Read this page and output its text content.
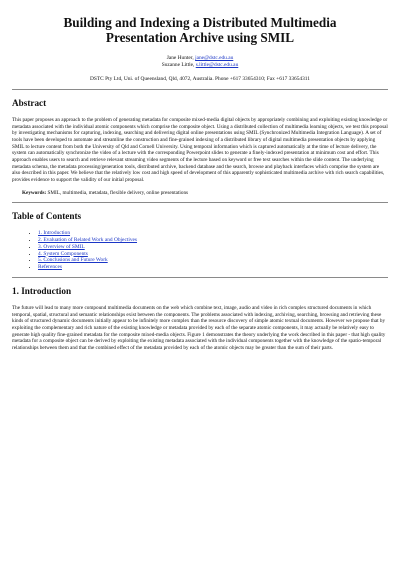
Building and Indexing a Distributed Multimedia Presentation Archive using SMIL
Jane Hunter, jane@dstc.edu.au
Suzanne Little, s.little@dstc.edu.au
DSTC Pty Ltd, Uni. of Queensland, Qld, 4072, Australia. Phone +617 33654310; Fax +617 33654311
Abstract

This paper proposes an approach to the problem of generating metadata for composite mixed-media digital objects by appropriately combining and exploiting existing knowledge or metadata associated with the individual atomic components which comprise the composite object. Using a distributed collection of multimedia learning objects, we test this proposal by investigating mechanisms for capturing, indexing, searching and delivering digital online presentations using SMIL (Synchronized Multimedia Integration Language). A set of tools have been developed to automate and streamline the construction and fine-grained indexing of a distributed library of digital multimedia presentation objects by applying SMIL to lecture content from both the University of Qld and Cornell University. Using temporal information which is captured automatically at the time of lecture delivery, the system can automatically synchronize the video of a lecture with the corresponding Powerpoint slides to generate a finely-indexed presentation at minimum cost and effort. This approach enables users to search and retrieve relevant streaming video segments of the lecture based on keyword or free text searches within the slide content. The underlying metadata schema, the metadata processing/generation tools, distributed archive, backend database and the search, browse and playback interfaces which comprise the system are also described in this paper. We believe that the relatively low cost and high speed of development of this apparently sophisticated multimedia archive with rich search capabilities, provides evidence to support the validity of our initial proposal.

Keywords: SMIL, multimedia, metadata, flexible delivery, online presentations

Table of Contents
• 1. Introduction
• 2. Evaluation of Related Work and Objectives
• 3. Overview of SMIL
• 4. System Components
• 5. Conclusions and Future Work
• References
1. Introduction

The future will lead to many more compound multimedia documents on the web which combine text, image, audio and video in rich complex structured documents in which temporal, spatial, structural and semantic relationships exist between the components. The problems associated with indexing, archiving, searching, browsing and retrieving these kinds of structured dynamic documents initially appear to be infinitely more complex than the resource discovery of simple atomic textual documents. However we propose that by exploiting the complementary and rich nature of the existing knowledge or metadata provided by each of the separate atomic components, it may actually be relatively easy to generate high quality fine-grained metadata for the composite mixed-media objects. Figure 1 demonstrates the theory underlying the work described in this paper - that high quality metadata for a composite object can be derived by exploiting the existing metadata associated with the individual components together with the knowledge of the spatio-temporal relationships between them and that the combined effect of the metadata provided by each of the atomic objects may be greater than the sum of their parts.
